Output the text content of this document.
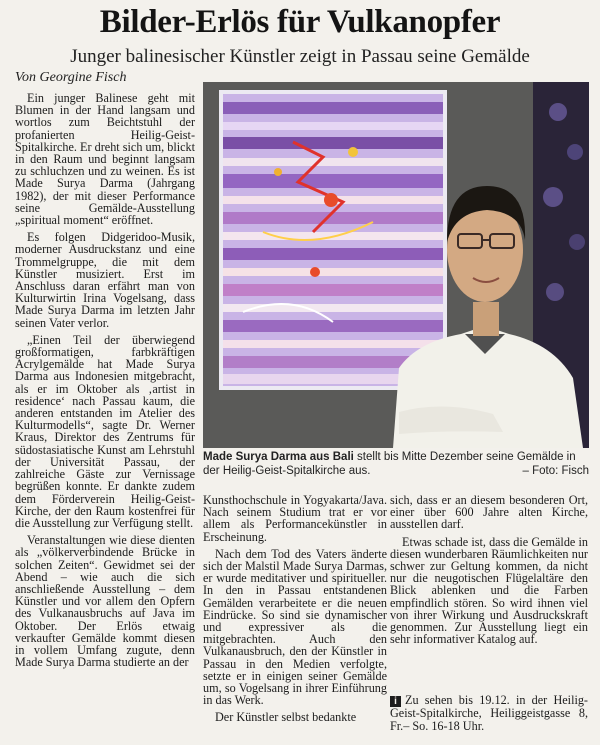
Bilder-Erlös für Vulkanopfer
Junger balinesischer Künstler zeigt in Passau seine Gemälde
Von Georgine Fisch

Ein junger Balinese geht mit Blumen in der Hand langsam und wortlos zum Beichtstuhl der profanierten Heilig-Geist-Spitalkirche. Er dreht sich um, blickt in den Raum und beginnt langsam zu schluchzen und zu weinen. Es ist Made Surya Darma (Jahrgang 1982), der mit dieser Performance seine Gemälde-Ausstellung „spiritual moment“ eröffnet.

Es folgen Didgeridoo-Musik, moderner Ausdruckstanz und eine Trommelgruppe, die mit dem Künstler musiziert. Erst im Anschluss daran erfährt man von Kulturwirtin Irina Vogelsang, dass Made Surya Darma im letzten Jahr seinen Vater verlor.

„Einen Teil der überwiegend großformatigen, farbkräftigen Acrylgemälde hat Made Surya Darma aus Indonesien mitgebracht, als er im Oktober als ‚artist in residence‘ nach Passau kaum, die anderen entstanden im Atelier des Kulturmodells“, sagte Dr. Werner Kraus, Direktor des Zentrums für südostasiatische Kunst am Lehrstuhl der Universität Passau, der zahlreiche Gäste zur Vernissage begrüßen konnte. Er dankte zudem dem Förderverein Heilig-Geist-Kirche, der den Raum kostenfrei für die Ausstellung zur Verfügung stellt.

Veranstaltungen wie diese dienten als „völkerverbindende Brücke in solchen Zeiten“. Gewidmet sei der Abend – wie auch die sich anschließende Ausstellung – dem Künstler und vor allem den Opfern des Vulkanausbruchs auf Java im Oktober. Der Erlös etwaig verkaufter Gemälde kommt diesen in vollem Umfang zugute, denn Made Surya Darma studierte an der

Made Surya Darma aus Bali stellt bis Mitte Dezember seine Gemälde in der Heilig-Geist-Spitalkirche aus.	– Foto: Fisch

Kunsthochschule in Yogyakarta/Java. Nach seinem Studium trat er vor allem als Performancekünstler in Erscheinung.

Nach dem Tod des Vaters änderte sich der Malstil Made Surya Darmas, er wurde meditativer und spiritueller. In den in Passau entstandenen Gemälden verarbeitete er die neuen Eindrücke. So sind sie dynamischer und expressiver als die mitgebrachten. Auch den Vulkanausbruch, den der Künstler in Passau in den Medien verfolgte, setzte er in einigen seiner Gemälde um, so Vogelsang in ihrer Einführung in das Werk.

Der Künstler selbst bedankte

sich, dass er an diesem besonderen Ort, einer über 600 Jahre alten Kirche, ausstellen darf.

Etwas schade ist, dass die Gemälde in diesen wunderbaren Räumlichkeiten nur schwer zur Geltung kommen, da nicht nur die neugotischen Flügelaltäre den Blick ablenken und die Farben empfindlich stören. So wird ihnen viel von ihrer Wirkung und Ausdruckskraft genommen. Zur Ausstellung liegt ein sehr informativer Katalog auf.

i Zu sehen bis 19.12. in der Heilig-Geist-Spitalkirche, Heiliggeistgasse 8, Fr.– So. 16-18 Uhr.
